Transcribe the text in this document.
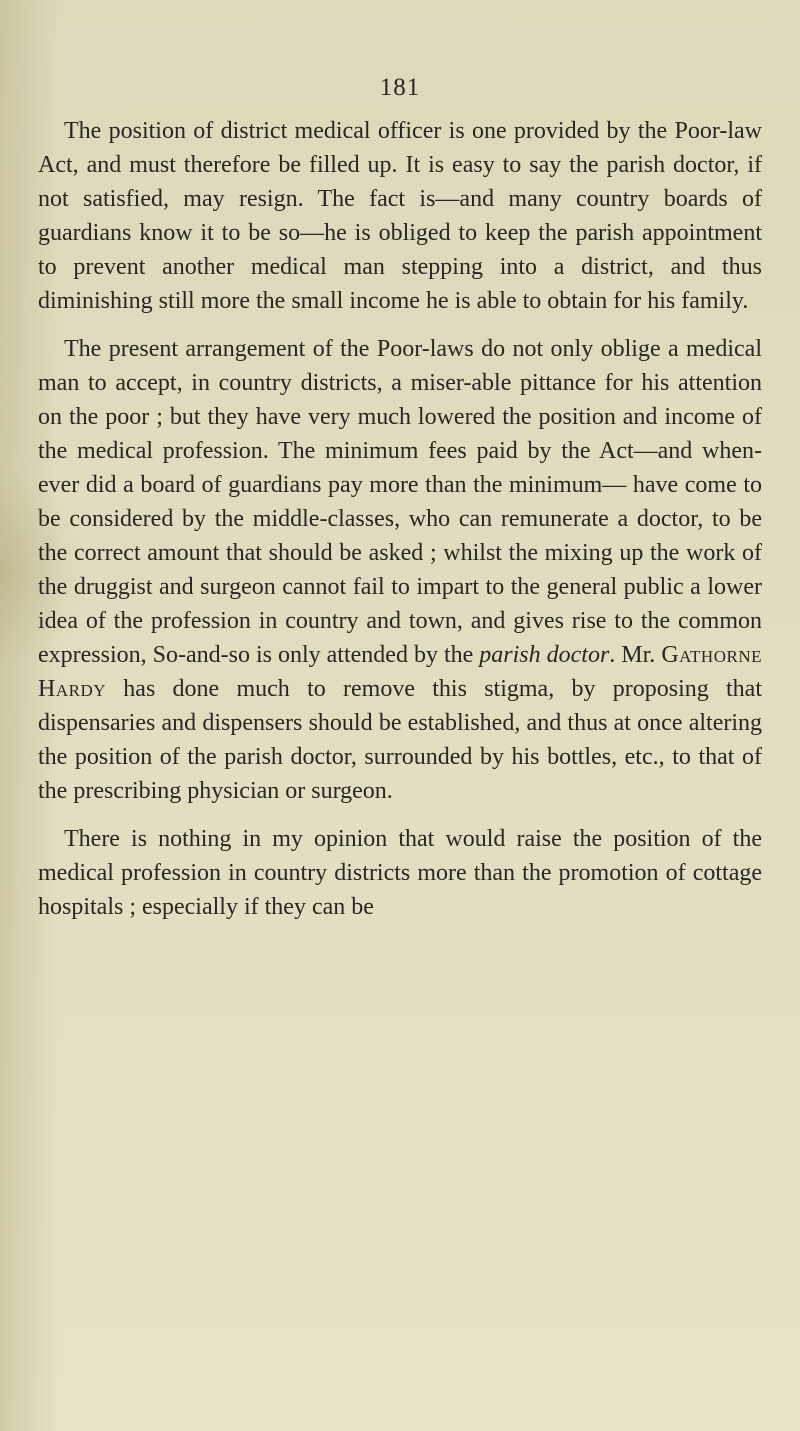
181

The position of district medical officer is one provided by the Poor-law Act, and must therefore be filled up. It is easy to say the parish doctor, if not satisfied, may resign. The fact is—and many country boards of guardians know it to be so—he is obliged to keep the parish appointment to prevent another medical man stepping into a district, and thus diminishing still more the small income he is able to obtain for his family.

The present arrangement of the Poor-laws do not only oblige a medical man to accept, in country districts, a miser-able pittance for his attention on the poor ; but they have very much lowered the position and income of the medical profession. The minimum fees paid by the Act—and when-ever did a board of guardians pay more than the minimum— have come to be considered by the middle-classes, who can remunerate a doctor, to be the correct amount that should be asked ; whilst the mixing up the work of the druggist and surgeon cannot fail to impart to the general public a lower idea of the profession in country and town, and gives rise to the common expression, So-and-so is only attended by the parish doctor. Mr. Gathorne Hardy has done much to remove this stigma, by proposing that dispensaries and dispensers should be established, and thus at once altering the position of the parish doctor, surrounded by his bottles, etc., to that of the prescribing physician or surgeon.

There is nothing in my opinion that would raise the position of the medical profession in country districts more than the promotion of cottage hospitals ; especially if they can be
